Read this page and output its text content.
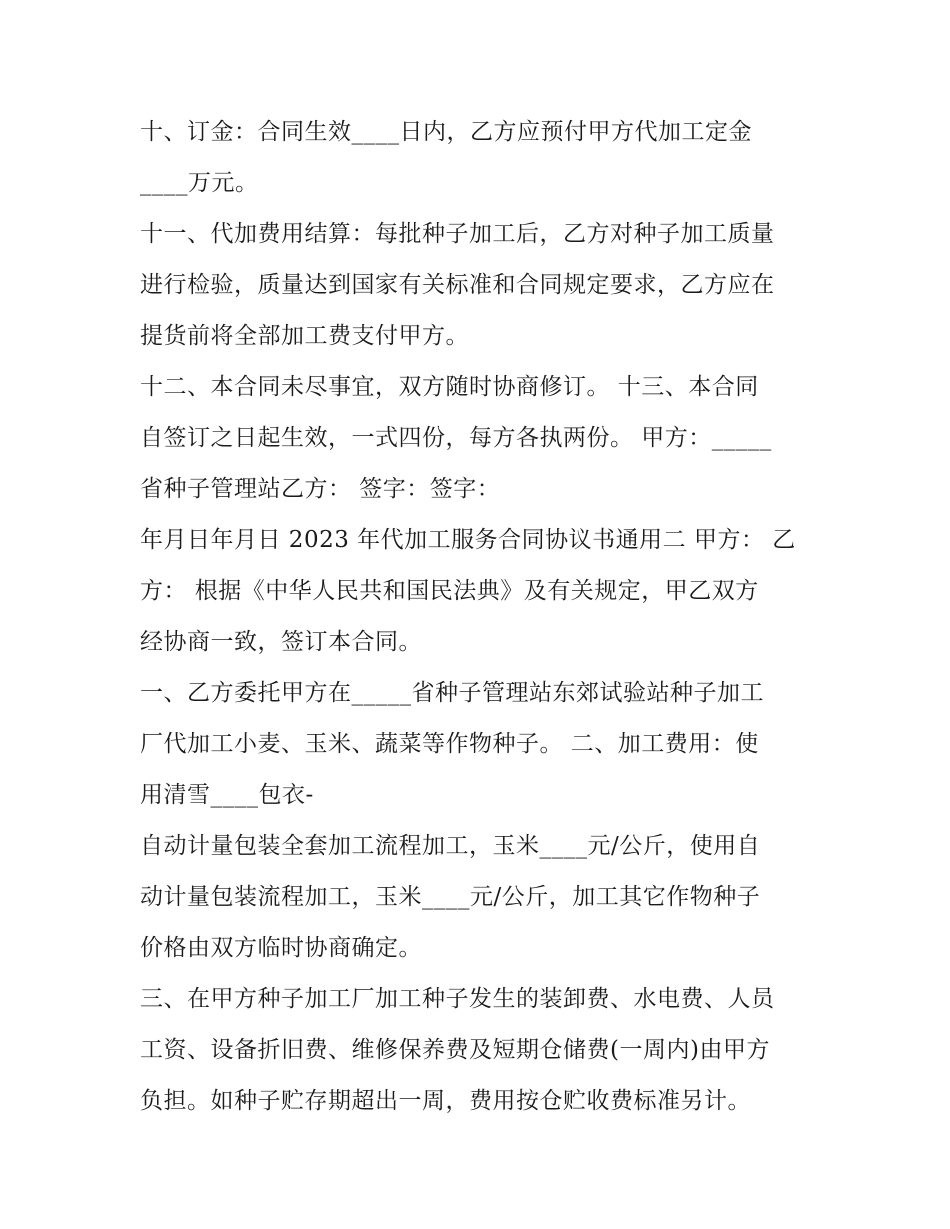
十、订金：合同生效____日内，乙方应预付甲方代加工定金

____万元。

十一、代加费用结算：每批种子加工后，乙方对种子加工质量

进行检验，质量达到国家有关标准和合同规定要求，乙方应在

提货前将全部加工费支付甲方。

十二、本合同未尽事宜，双方随时协商修订。 十三、本合同

自签订之日起生效，一式四份，每方各执两份。 甲方：_____

省种子管理站乙方： 签字：签字：

年月日年月日 2023 年代加工服务合同协议书通用二 甲方： 乙

方： 根据《中华人民共和国民法典》及有关规定，甲乙双方

经协商一致，签订本合同。

一、乙方委托甲方在_____省种子管理站东郊试验站种子加工

厂代加工小麦、玉米、蔬菜等作物种子。 二、加工费用：使

用清雪____包衣-

自动计量包装全套加工流程加工，玉米____元/公斤，使用自

动计量包装流程加工，玉米____元/公斤，加工其它作物种子

价格由双方临时协商确定。

三、在甲方种子加工厂加工种子发生的装卸费、水电费、人员

工资、设备折旧费、维修保养费及短期仓储费(一周内)由甲方

负担。如种子贮存期超出一周，费用按仓贮收费标准另计。
